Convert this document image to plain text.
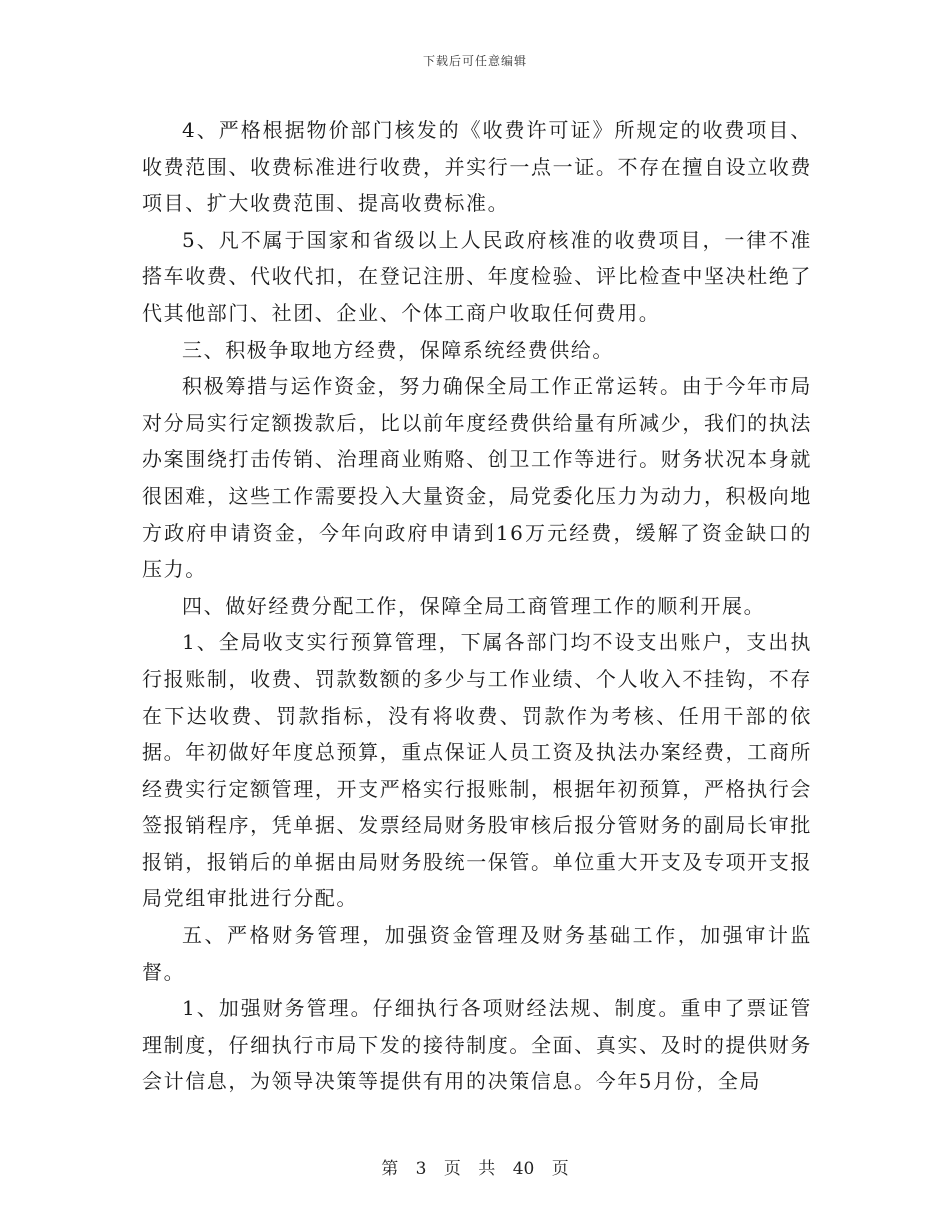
下载后可任意编辑

4、严格根据物价部门核发的《收费许可证》所规定的收费项目、收费范围、收费标准进行收费，并实行一点一证。不存在擅自设立收费项目、扩大收费范围、提高收费标准。

5、凡不属于国家和省级以上人民政府核准的收费项目，一律不准搭车收费、代收代扣，在登记注册、年度检验、评比检查中坚决杜绝了代其他部门、社团、企业、个体工商户收取任何费用。

三、积极争取地方经费，保障系统经费供给。

积极筹措与运作资金，努力确保全局工作正常运转。由于今年市局对分局实行定额拨款后，比以前年度经费供给量有所减少，我们的执法办案围绕打击传销、治理商业贿赂、创卫工作等进行。财务状况本身就很困难，这些工作需要投入大量资金，局党委化压力为动力，积极向地方政府申请资金，今年向政府申请到16万元经费，缓解了资金缺口的压力。

四、做好经费分配工作，保障全局工商管理工作的顺利开展。

1、全局收支实行预算管理，下属各部门均不设支出账户，支出执行报账制，收费、罚款数额的多少与工作业绩、个人收入不挂钩，不存在下达收费、罚款指标，没有将收费、罚款作为考核、任用干部的依据。年初做好年度总预算，重点保证人员工资及执法办案经费，工商所经费实行定额管理，开支严格实行报账制，根据年初预算，严格执行会签报销程序，凭单据、发票经局财务股审核后报分管财务的副局长审批报销，报销后的单据由局财务股统一保管。单位重大开支及专项开支报局党组审批进行分配。

五、严格财务管理，加强资金管理及财务基础工作，加强审计监督。

1、加强财务管理。仔细执行各项财经法规、制度。重申了票证管理制度，仔细执行市局下发的接待制度。全面、真实、及时的提供财务会计信息，为领导决策等提供有用的决策信息。今年5月份，全局

第 3 页 共 40 页
